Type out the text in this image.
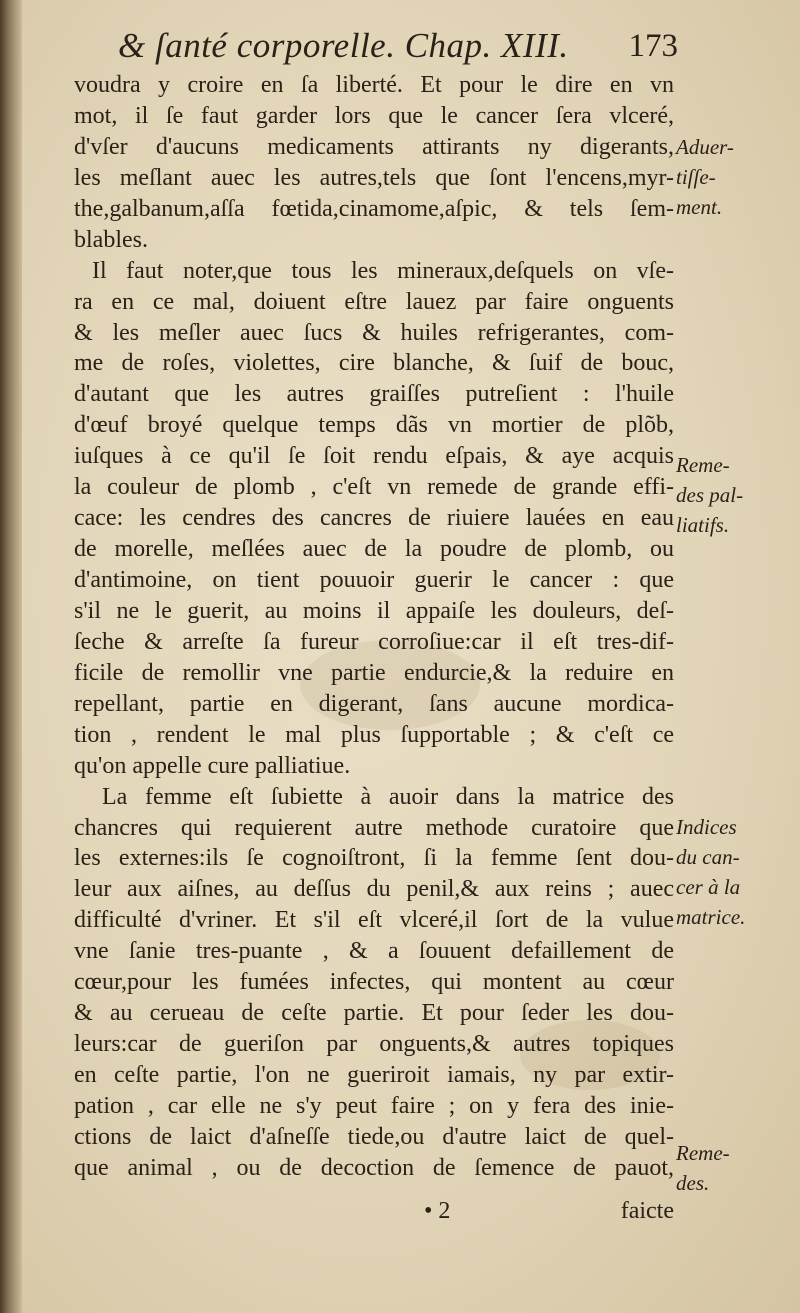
& ſanté corporelle. Chap. XIII. 173
voudra y croire en ſa liberté. Et pour le dire en vn
mot, il ſe faut garder lors que le cancer ſera vlceré,
d'vſer d'aucuns medicaments attirants ny digerants,
les meſlant auec les autres,tels que ſont l'encens,myr-
the,galbanum,aſſa fœtida,cinamome,aſpic, & tels ſem-
blables.
Il faut noter,que tous les mineraux,deſquels on vſe-
ra en ce mal, doiuent eſtre lauez par faire onguents
& les meſler auec ſucs & huiles refrigerantes, com-
me de roſes, violettes, cire blanche, & ſuif de bouc,
d'autant que les autres graiſſes putreſient : l'huile
d'œuf broyé quelque temps dãs vn mortier de plõb,
iuſques à ce qu'il ſe ſoit rendu eſpais, & aye acquis
la couleur de plomb , c'eſt vn remede de grande effi-
cace: les cendres des cancres de riuiere lauées en eau
de morelle, meſlées auec de la poudre de plomb, ou
d'antimoine, on tient pouuoir guerir le cancer : que
s'il ne le guerit, au moins il appaiſe les douleurs, deſ-
ſeche & arreſte ſa fureur corroſiue:car il eſt tres-dif-
ficile de remollir vne partie endurcie,& la reduire en
repellant, partie en digerant, ſans aucune mordica-
tion , rendent le mal plus ſupportable ; & c'eſt ce
qu'on appelle cure palliatiue.
La femme eſt ſubiette à auoir dans la matrice des
chancres qui requierent autre methode curatoire que
les externes:ils ſe cognoiſtront, ſi la femme ſent dou-
leur aux aiſnes, au deſſus du penil,& aux reins ; auec
difficulté d'vriner. Et s'il eſt vlceré,il ſort de la vulue
vne ſanie tres-puante , & a ſouuent defaillement de
cœur,pour les fumées infectes, qui montent au cœur
& au cerueau de ceſte partie. Et pour ſeder les dou-
leurs:car de gueriſon par onguents,& autres topiques
en ceſte partie, l'on ne gueriroit iamais, ny par extir-
pation , car elle ne s'y peut faire ; on y fera des inie-
ctions de laict d'aſneſſe tiede,ou d'autre laict de quel-
que animal , ou de decoction de ſemence de pauot,
Aduer-
tiſſe-
ment.
Reme-
des pal-
liatifs.
Indices
du can-
cer à la
matrice.
Reme-
des.
• 2	faicte
